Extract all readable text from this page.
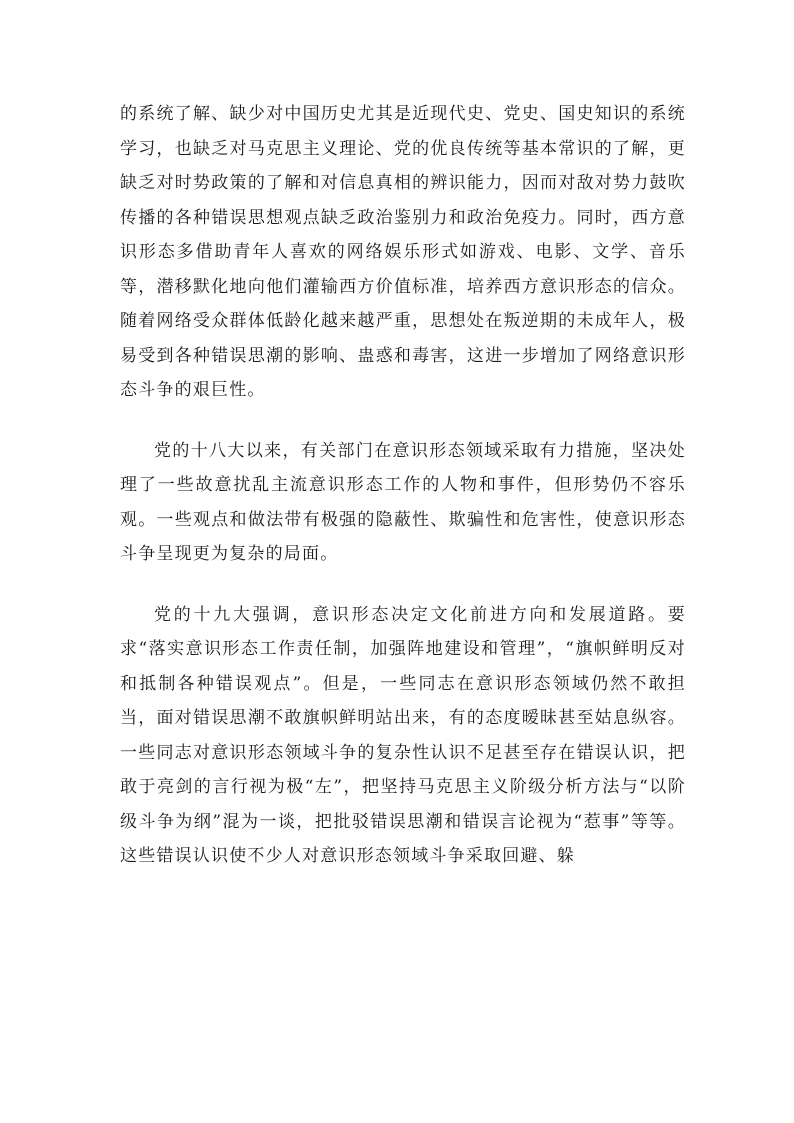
的系统了解、缺少对中国历史尤其是近现代史、党史、国史知识的系统学习，也缺乏对马克思主义理论、党的优良传统等基本常识的了解，更缺乏对时势政策的了解和对信息真相的辨识能力，因而对敌对势力鼓吹传播的各种错误思想观点缺乏政治鉴别力和政治免疫力。同时，西方意识形态多借助青年人喜欢的网络娱乐形式如游戏、电影、文学、音乐等，潜移默化地向他们灌输西方价值标准，培养西方意识形态的信众。随着网络受众群体低龄化越来越严重，思想处在叛逆期的未成年人，极易受到各种错误思潮的影响、蛊惑和毒害，这进一步增加了网络意识形态斗争的艰巨性。

党的十八大以来，有关部门在意识形态领域采取有力措施，坚决处理了一些故意扰乱主流意识形态工作的人物和事件，但形势仍不容乐观。一些观点和做法带有极强的隐蔽性、欺骗性和危害性，使意识形态斗争呈现更为复杂的局面。

党的十九大强调，意识形态决定文化前进方向和发展道路。要求“落实意识形态工作责任制，加强阵地建设和管理”，“旗帜鲜明反对和抵制各种错误观点”。但是，一些同志在意识形态领域仍然不敢担当，面对错误思潮不敢旗帜鲜明站出来，有的态度暧昧甚至姑息纵容。一些同志对意识形态领域斗争的复杂性认识不足甚至存在错误认识，把敢于亮剑的言行视为极“左”，把坚持马克思主义阶级分析方法与“以阶级斗争为纲”混为一谈，把批驳错误思潮和错误言论视为“惹事”等等。这些错误认识使不少人对意识形态领域斗争采取回避、躲
